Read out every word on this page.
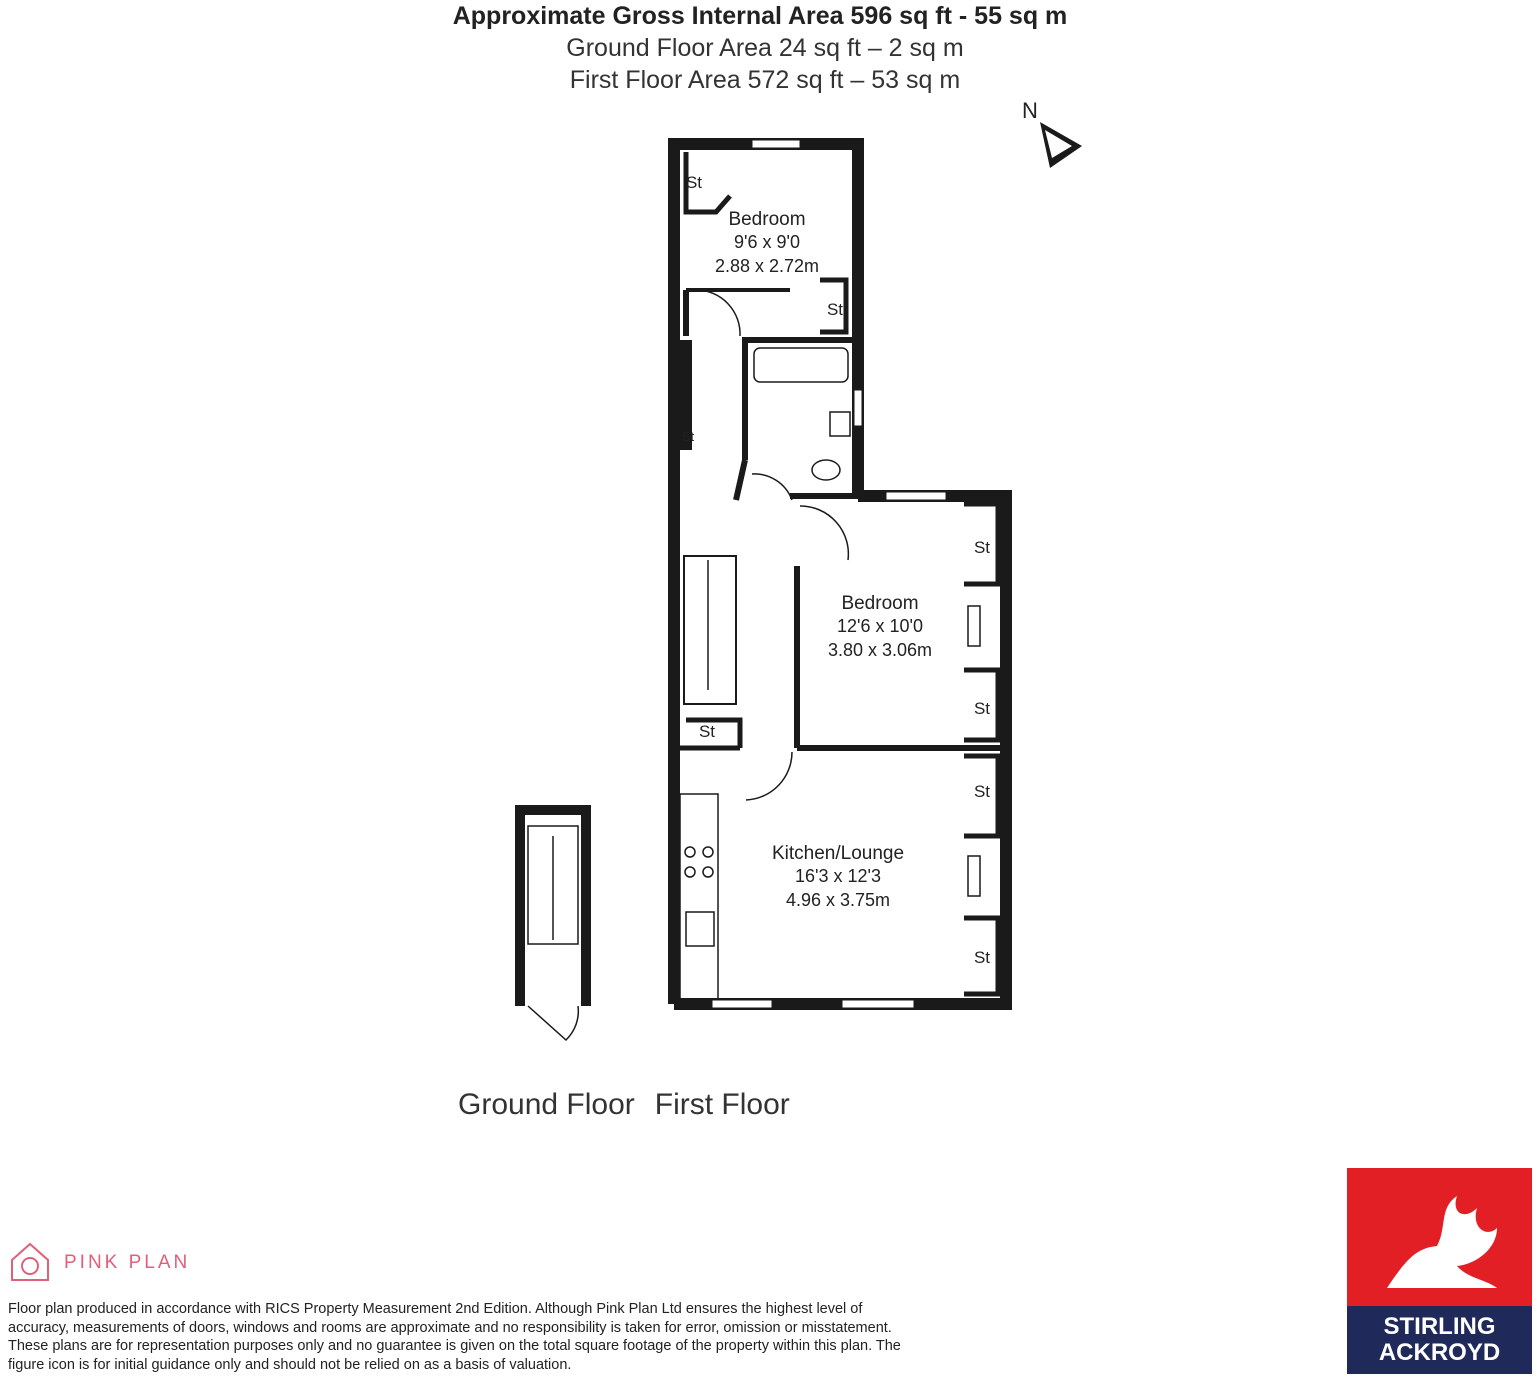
Approximate Gross Internal Area 596 sq ft - 55 sq m
Ground Floor Area 24 sq ft – 2 sq m
First Floor Area 572 sq ft – 53 sq m
N
Bedroom
9'6 x 9'0
2.88 x 2.72m
Bedroom
12'6 x 10'0
3.80 x 3.06m
Kitchen/Lounge
16'3 x 12'3
4.96 x 3.75m
St
St
St
St
St
St
St
St
Ground Floor First Floor
PINK PLAN
Floor plan produced in accordance with RICS Property Measurement 2nd Edition. Although Pink Plan Ltd ensures the highest level of accuracy, measurements of doors, windows and rooms are approximate and no responsibility is taken for error, omission or misstatement. These plans are for representation purposes only and no guarantee is given on the total square footage of the property within this plan. The figure icon is for initial guidance only and should not be relied on as a basis of valuation.
STIRLING
ACKROYD
